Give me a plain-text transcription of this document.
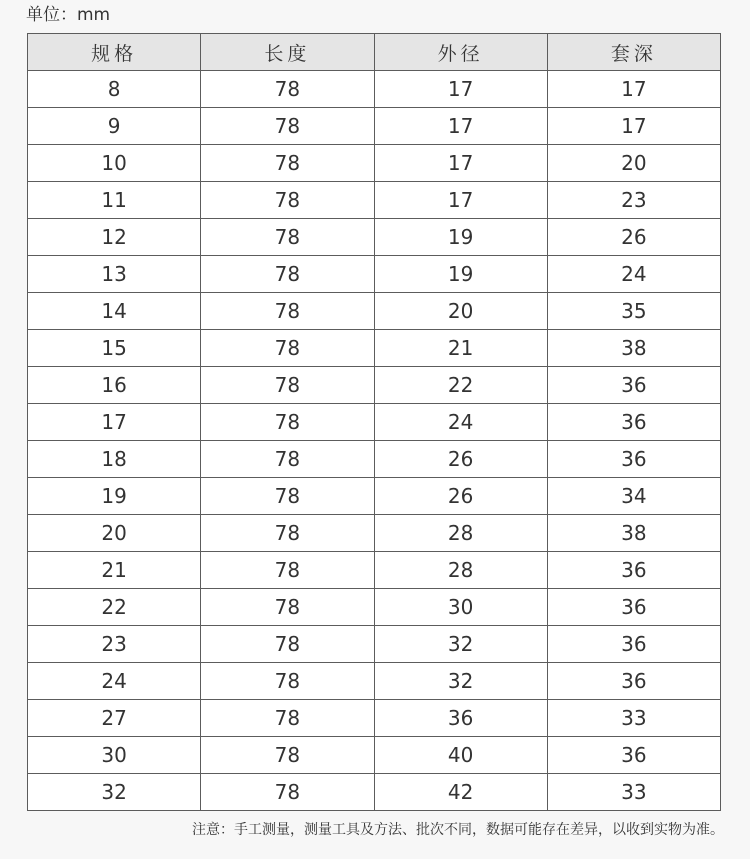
单位：mm
规格	长度	外径	套深
8	78	17	17
9	78	17	17
10	78	17	20
11	78	17	23
12	78	19	26
13	78	19	24
14	78	20	35
15	78	21	38
16	78	22	36
17	78	24	36
18	78	26	36
19	78	26	34
20	78	28	38
21	78	28	36
22	78	30	36
23	78	32	36
24	78	32	36
27	78	36	33
30	78	40	36
32	78	42	33
注意：手工测量，测量工具及方法、批次不同，数据可能存在差异，以收到实物为准。
